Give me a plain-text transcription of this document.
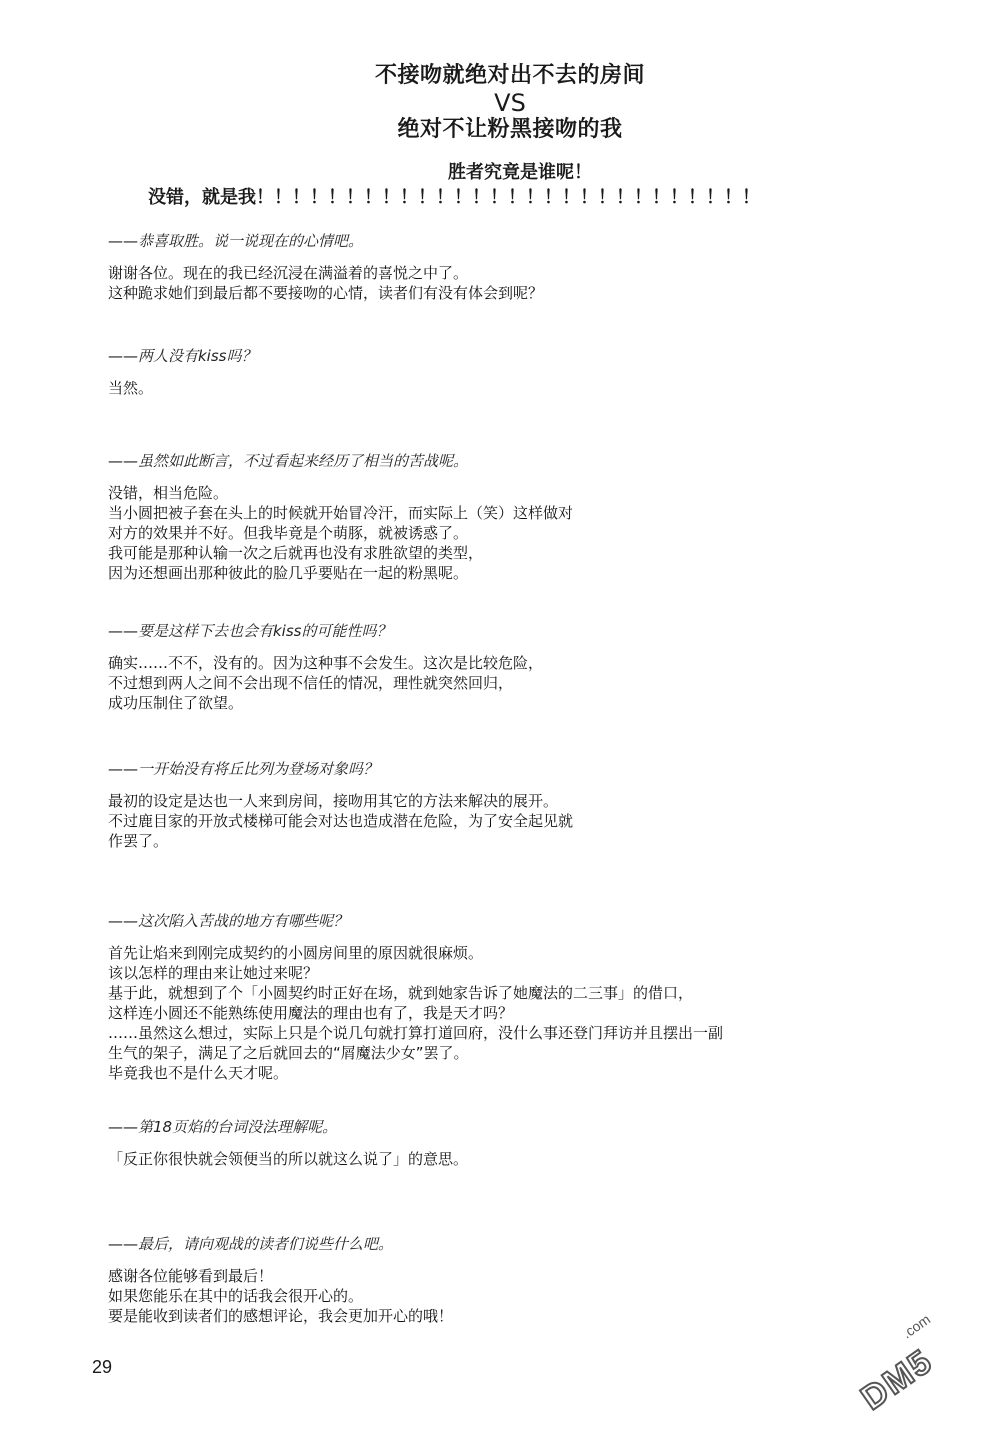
不接吻就绝对出不去的房间
VS
绝对不让粉黑接吻的我
胜者究竟是谁呢！
没错，就是我！！！！！！！！！！！！！！！！！！！！！！！！！！！！
——恭喜取胜。说一说现在的心情吧。
谢谢各位。现在的我已经沉浸在满溢着的喜悦之中了。
这种跪求她们到最后都不要接吻的心情，读者们有没有体会到呢？
——两人没有kiss吗？
当然。
——虽然如此断言，不过看起来经历了相当的苦战呢。
没错，相当危险。
当小圆把被子套在头上的时候就开始冒冷汗，而实际上（笑）这样做对
对方的效果并不好。但我毕竟是个萌豚，就被诱惑了。
我可能是那种认输一次之后就再也没有求胜欲望的类型，
因为还想画出那种彼此的脸几乎要贴在一起的粉黑呢。
——要是这样下去也会有kiss的可能性吗？
确实……不不，没有的。因为这种事不会发生。这次是比较危险，
不过想到两人之间不会出现不信任的情况，理性就突然回归，
成功压制住了欲望。
——一开始没有将丘比列为登场对象吗？
最初的设定是达也一人来到房间，接吻用其它的方法来解决的展开。
不过鹿目家的开放式楼梯可能会对达也造成潜在危险，为了安全起见就
作罢了。
——这次陷入苦战的地方有哪些呢？
首先让焰来到刚完成契约的小圆房间里的原因就很麻烦。
该以怎样的理由来让她过来呢？
基于此，就想到了个「小圆契约时正好在场，就到她家告诉了她魔法的二三事」的借口，
这样连小圆还不能熟练使用魔法的理由也有了，我是天才吗？
……虽然这么想过，实际上只是个说几句就打算打道回府，没什么事还登门拜访并且摆出一副
生气的架子，满足了之后就回去的“屑魔法少女”罢了。
毕竟我也不是什么天才呢。
——第18页焰的台词没法理解呢。
「反正你很快就会领便当的所以就这么说了」的意思。
——最后，请向观战的读者们说些什么吧。
感谢各位能够看到最后！
如果您能乐在其中的话我会很开心的。
要是能收到读者们的感想评论，我会更加开心的哦！
29
.com
DM5
